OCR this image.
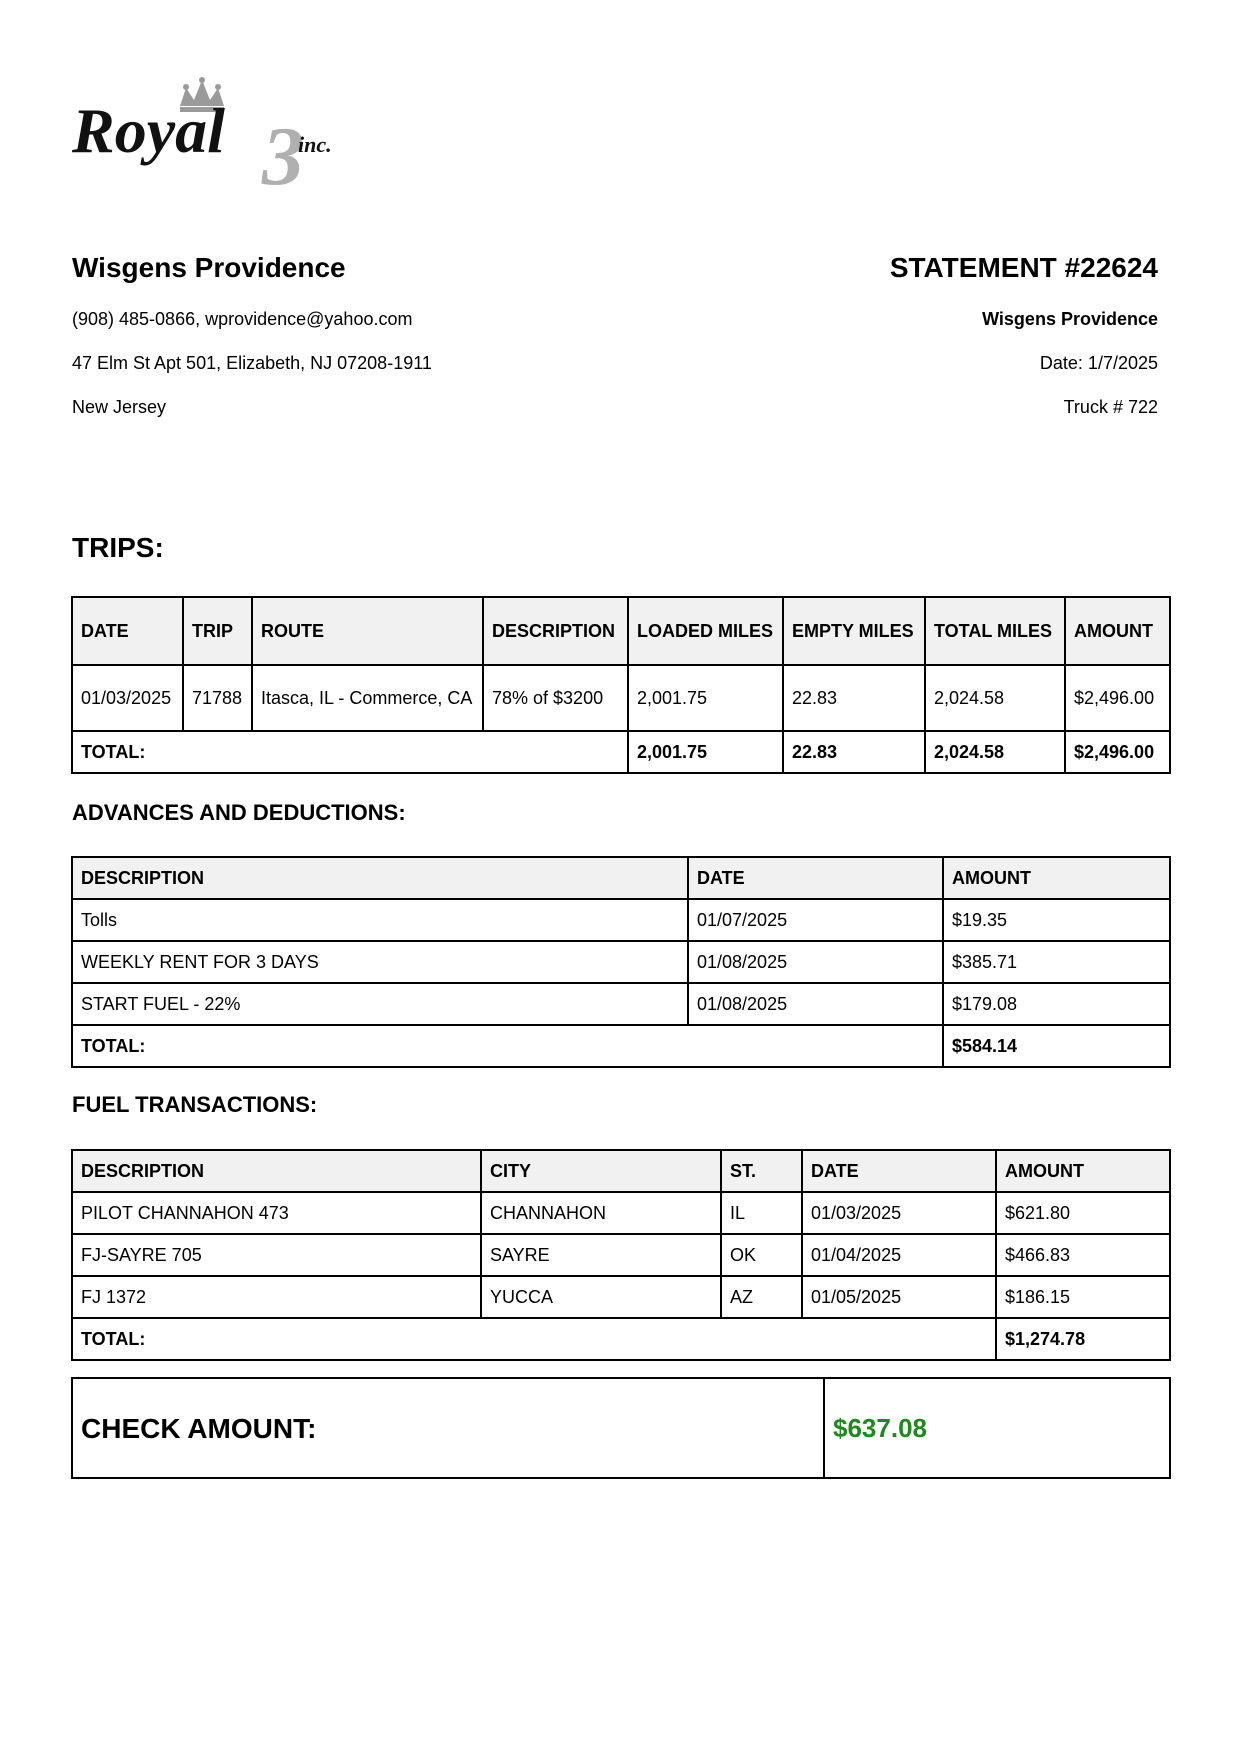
Royal 3
inc.
Wisgens Providence
(908) 485-0866, wprovidence@yahoo.com
47 Elm St Apt 501, Elizabeth, NJ 07208-1911
New Jersey
STATEMENT #22624
Wisgens Providence
Date: 1/7/2025
Truck # 722
TRIPS:
DATE	TRIP	ROUTE	DESCRIPTION	LOADED MILES	EMPTY MILES	TOTAL MILES	AMOUNT
01/03/2025	71788	Itasca, IL - Commerce, CA	78% of $3200	2,001.75	22.83	2,024.58	$2,496.00
TOTAL:				2,001.75	22.83	2,024.58	$2,496.00
ADVANCES AND DEDUCTIONS:
DESCRIPTION	DATE	AMOUNT
Tolls	01/07/2025	$19.35
WEEKLY RENT FOR 3 DAYS	01/08/2025	$385.71
START FUEL - 22%	01/08/2025	$179.08
TOTAL:		$584.14
FUEL TRANSACTIONS:
DESCRIPTION	CITY	ST.	DATE	AMOUNT
PILOT CHANNAHON 473	CHANNAHON	IL	01/03/2025	$621.80
FJ-SAYRE 705	SAYRE	OK	01/04/2025	$466.83
FJ 1372	YUCCA	AZ	01/05/2025	$186.15
TOTAL:				$1,274.78
CHECK AMOUNT:	$637.08
